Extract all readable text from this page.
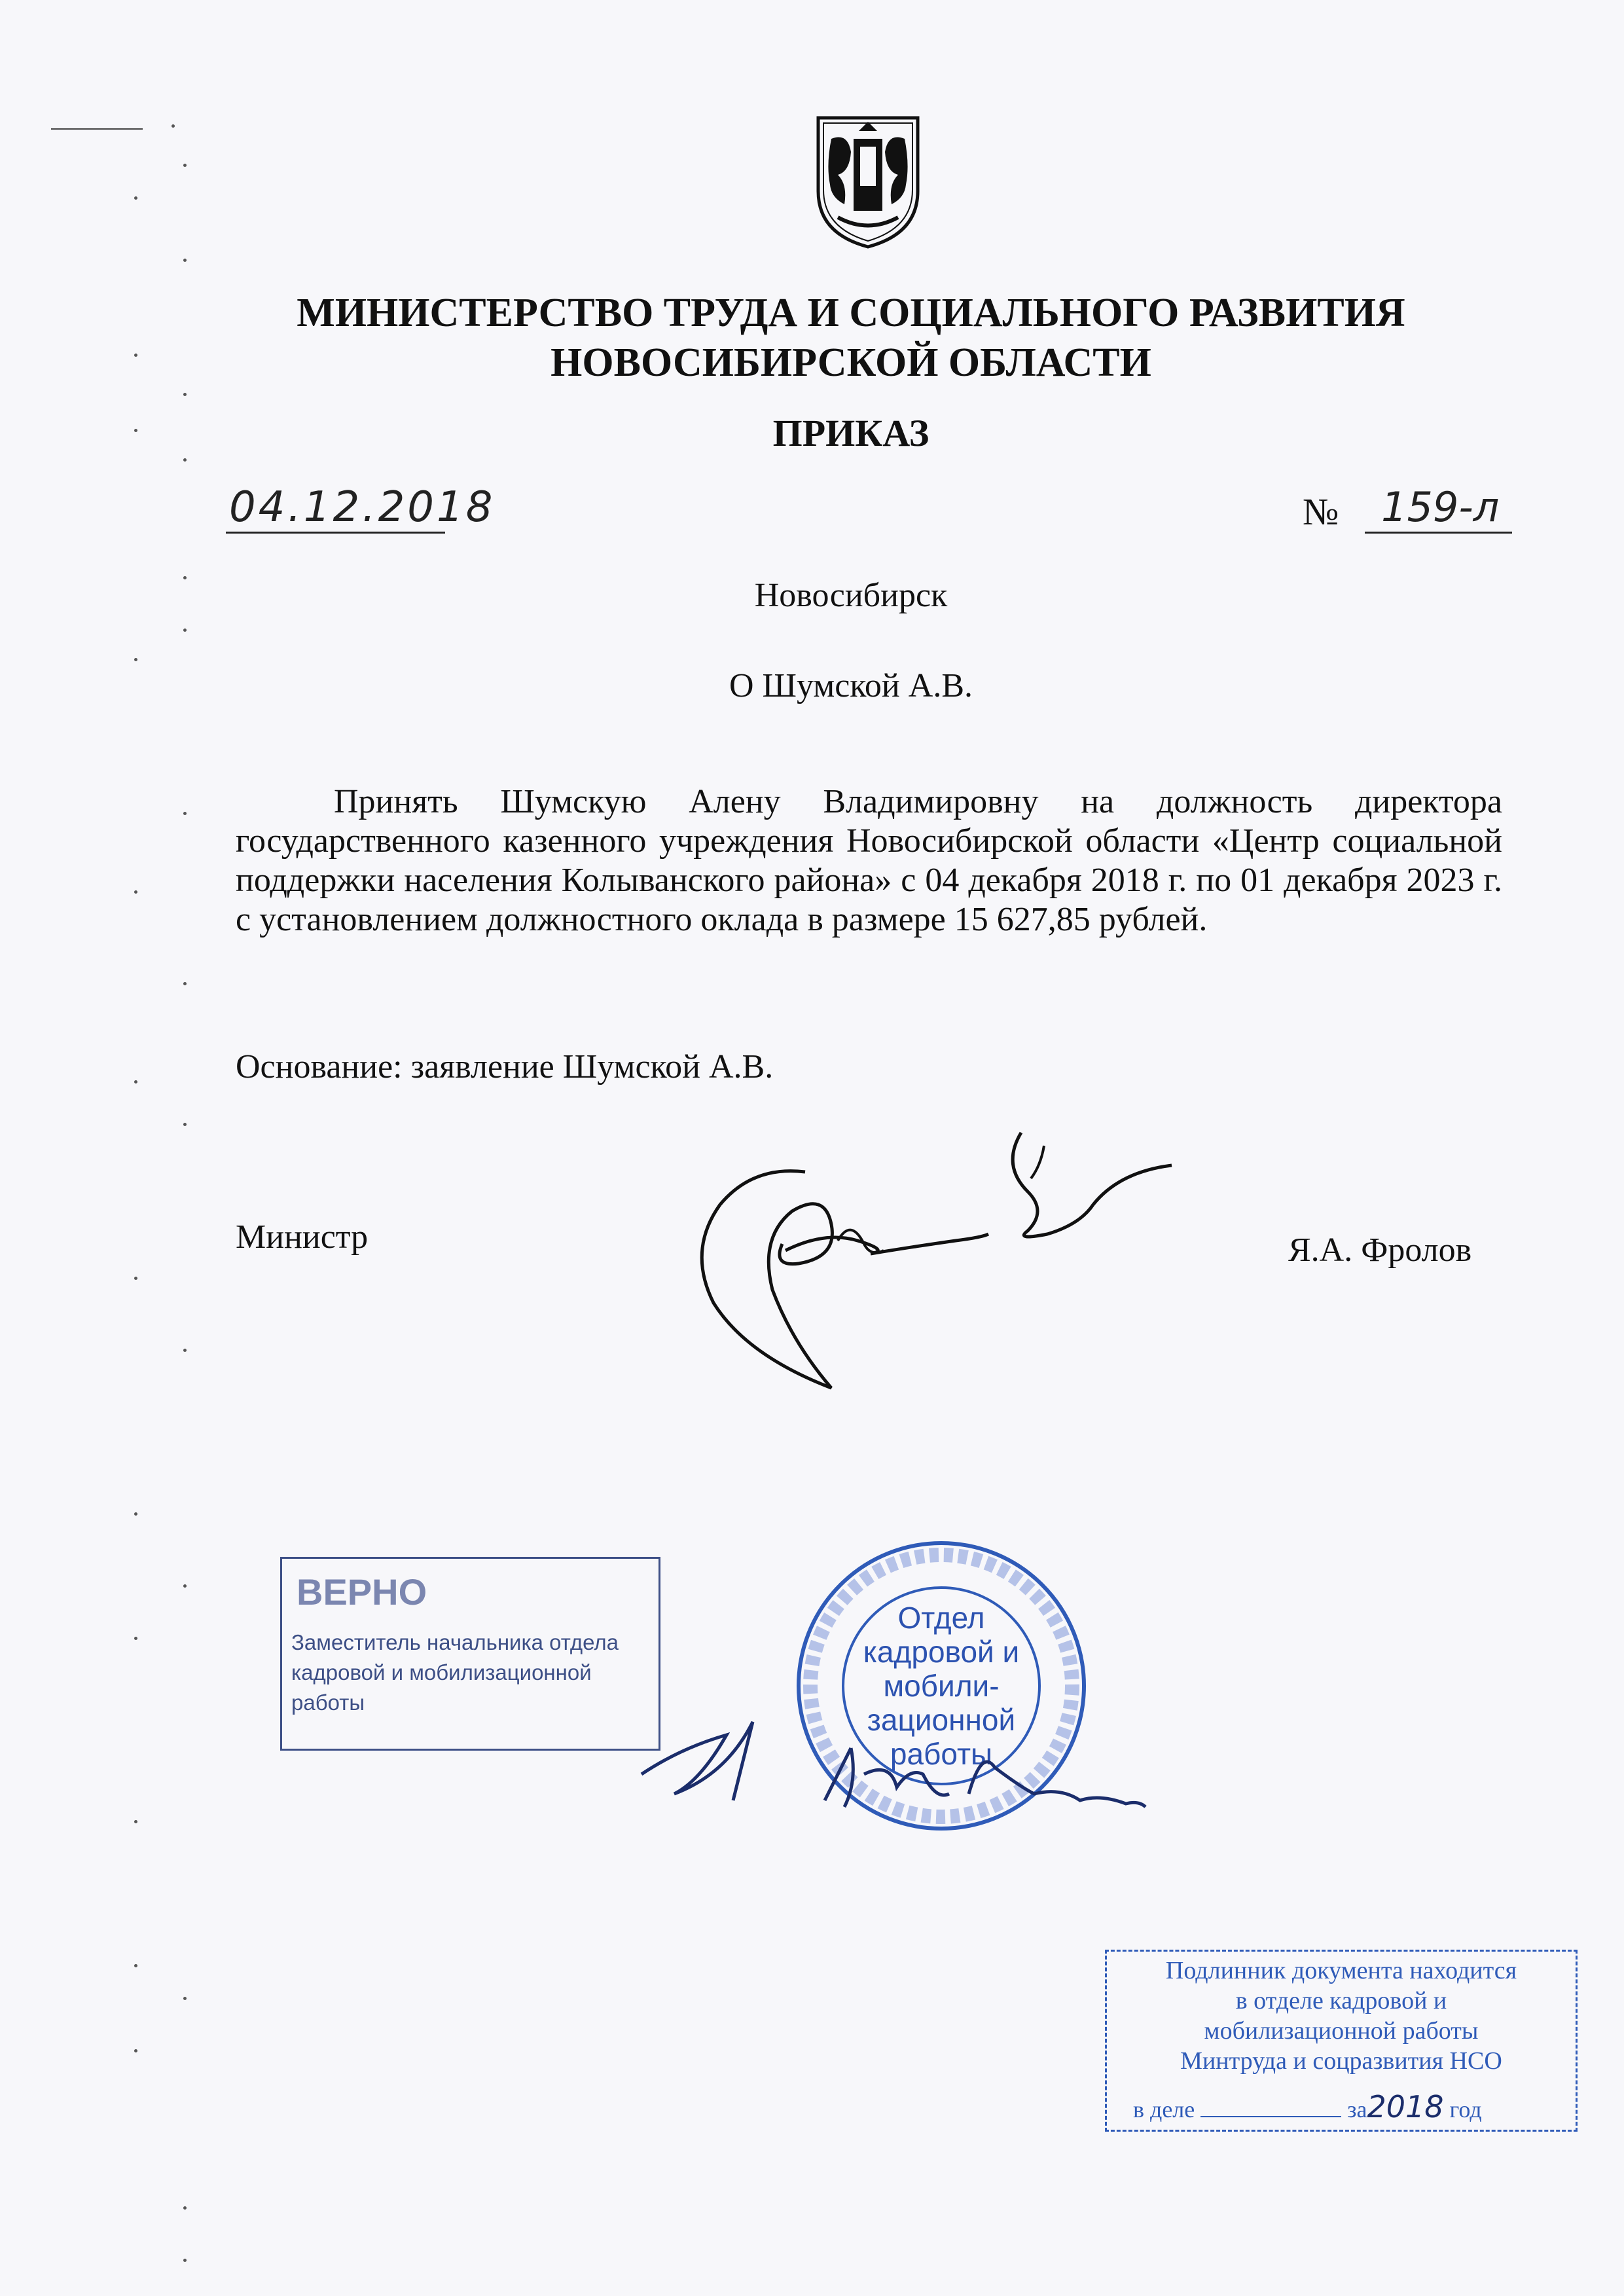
МИНИСТЕРСТВО ТРУДА И СОЦИАЛЬНОГО РАЗВИТИЯ
НОВОСИБИРСКОЙ ОБЛАСТИ
ПРИКАЗ
04.12.2018	№ 159-л
Новосибирск
О Шумской А.В.
Принять Шумскую Алену Владимировну на должность директора государственного казенного учреждения Новосибирской области «Центр социальной поддержки населения Колыванского района» с 04 декабря 2018 г. по 01 декабря 2023 г. с установлением должностного оклада в размере 15 627,85 рублей.
Основание: заявление Шумской А.В.
Министр	Я.А. Фролов
ВЕРНО
Заместитель начальника отдела кадровой и мобилизационной работы
Отдел кадровой и мобили- зационной работы
Подлинник документа находится
в отделе кадровой и
мобилизационной работы
Минтруда и соцразвития НСО
в деле	за2018 год
